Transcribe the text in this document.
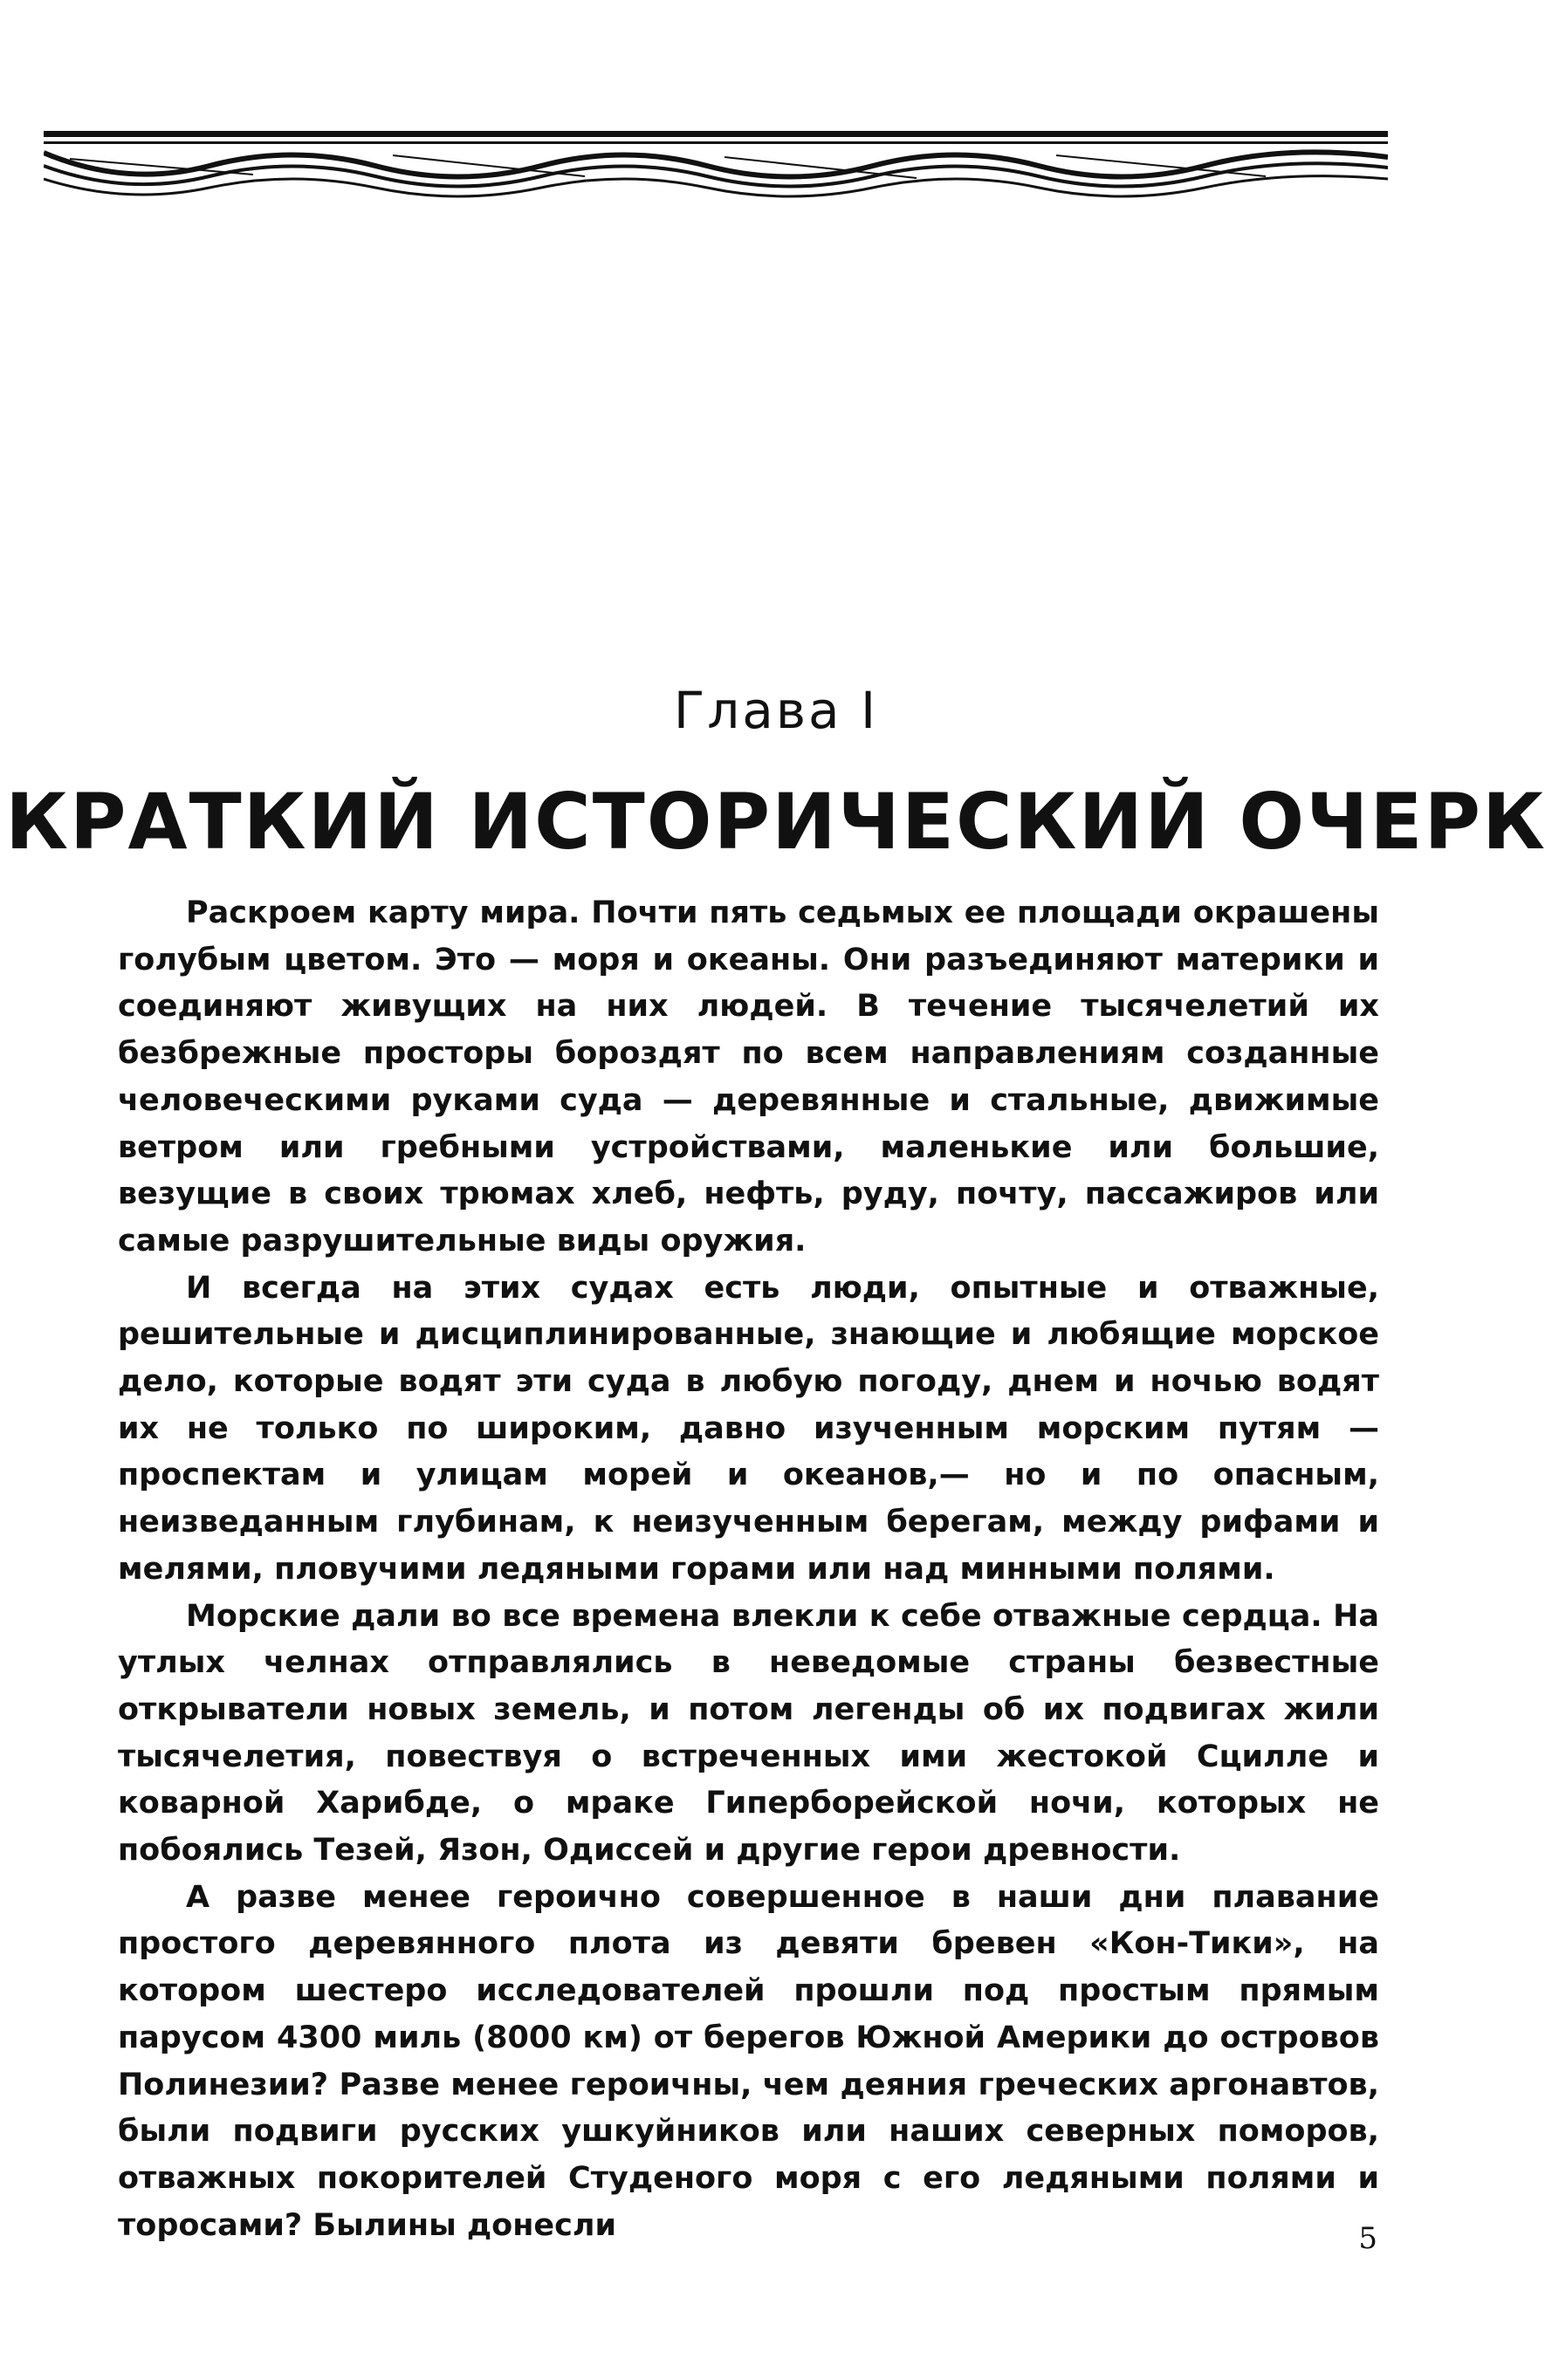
Глава I
КРАТКИЙ ИСТОРИЧЕСКИЙ ОЧЕРК

Раскроем карту мира. Почти пять седьмых ее площади окрашены голубым цветом. Это — моря и океаны. Они разъединяют материки и соединяют живущих на них людей. В течение тысячелетий их безбрежные просторы бороздят по всем направлениям созданные человеческими руками суда — деревянные и стальные, движимые ветром или гребными устройствами, маленькие или большие, везущие в своих трюмах хлеб, нефть, руду, почту, пассажиров или самые разрушительные виды оружия.

И всегда на этих судах есть люди, опытные и отважные, решительные и дисциплинированные, знающие и любящие морское дело, которые водят эти суда в любую погоду, днем и ночью водят их не только по широким, давно изученным морским путям — проспектам и улицам морей и океанов,— но и по опасным, неизведанным глубинам, к неизученным берегам, между рифами и мелями, пловучими ледяными горами или над минными полями.

Морские дали во все времена влекли к себе отважные сердца. На утлых челнах отправлялись в неведомые страны безвестные открыватели новых земель, и потом легенды об их подвигах жили тысячелетия, повествуя о встреченных ими жестокой Сцилле и коварной Харибде, о мраке Гиперборейской ночи, которых не побоялись Тезей, Язон, Одиссей и другие герои древности.

А разве менее героично совершенное в наши дни плавание простого деревянного плота из девяти бревен «Кон-Тики», на котором шестеро исследователей прошли под простым прямым парусом 4300 миль (8000 км) от берегов Южной Америки до островов Полинезии? Разве менее героичны, чем деяния греческих аргонавтов, были подвиги русских ушкуйников или наших северных поморов, отважных покорителей Студеного моря с его ледяными полями и торосами? Былины донесли	5
